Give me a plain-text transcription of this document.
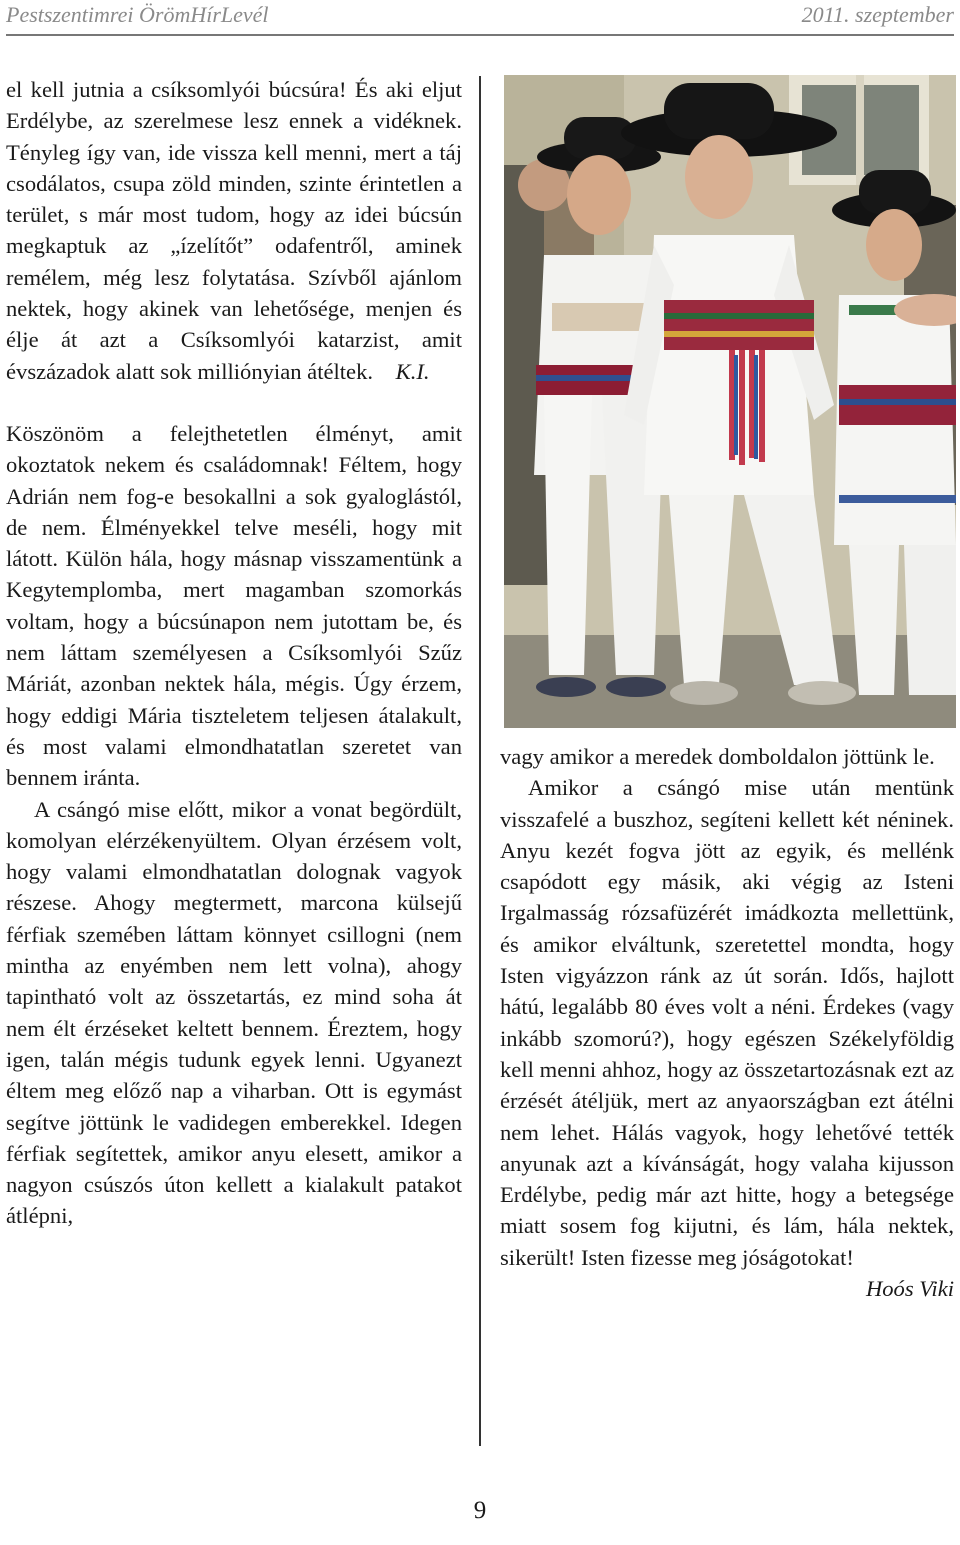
Pestszentimrei ÖrömHírLevél	2011. szeptember

el kell jutnia a csíksomlyói búcsúra! És aki eljut Erdélybe, az szerelmese lesz ennek a vidéknek. Tényleg így van, ide vissza kell menni, mert a táj csodálatos, csupa zöld minden, szinte érintetlen a terület, s már most tudom, hogy az idei búcsún megkaptuk az „ízelítőt” odafentről, aminek remélem, még lesz folytatása. Szívből ajánlom nektek, hogy akinek van lehetősége, menjen és élje át azt a Csíksomlyói katarzist, amit évszázadok alatt sok milliónyian átéltek. K.I.

Köszönöm a felejthetetlen élményt, amit okoztatok nekem és családomnak! Féltem, hogy Adrián nem fog-e besokallni a sok gyaloglástól, de nem. Élményekkel telve meséli, hogy mit látott. Külön hála, hogy másnap visszamentünk a Kegytemplomba, mert magamban szomorkás voltam, hogy a búcsúnapon nem jutottam be, és nem láttam személyesen a Csíksomlyói Szűz Máriát, azonban nektek hála, mégis. Úgy érzem, hogy eddigi Mária tiszteletem teljesen átalakult, és most valami elmondhatatlan szeretet van bennem iránta.

A csángó mise előtt, mikor a vonat begördült, komolyan elérzékenyültem. Olyan érzésem volt, hogy valami elmondhatatlan dolognak vagyok részese. Ahogy megtermett, marcona külsejű férfiak szemében láttam könnyet csillogni (nem mintha az enyémben nem lett volna), ahogy tapintható volt az összetartás, ez mind soha át nem élt érzéseket keltett bennem. Éreztem, hogy igen, talán mégis tudunk egyek lenni. Ugyanezt éltem meg előző nap a viharban. Ott is egymást segítve jöttünk le vadidegen emberekkel. Idegen férfiak segítettek, amikor anyu elesett, amikor a nagyon csúszós úton kellett a kialakult patakot átlépni,

vagy amikor a meredek domboldalon jöttünk le.

Amikor a csángó mise után mentünk visszafelé a buszhoz, segíteni kellett két néninek. Anyu kezét fogva jött az egyik, és mellénk csapódott egy másik, aki végig az Isteni Irgalmasság rózsafüzérét imádkozta mellettünk, és amikor elváltunk, szeretettel mondta, hogy Isten vigyázzon ránk az út során. Idős, hajlott hátú, legalább 80 éves volt a néni. Érdekes (vagy inkább szomorú?), hogy egészen Székelyföldig kell menni ahhoz, hogy az összetartozásnak ezt az érzését átéljük, mert az anyaországban ezt átélni nem lehet. Hálás vagyok, hogy lehetővé tették anyunak azt a kívánságát, hogy valaha kijusson Erdélybe, pedig már azt hitte, hogy a betegsége miatt sosem fog kijutni, és lám, hála nektek, sikerült! Isten fizesse meg jóságotokat!
Hoós Viki

9
